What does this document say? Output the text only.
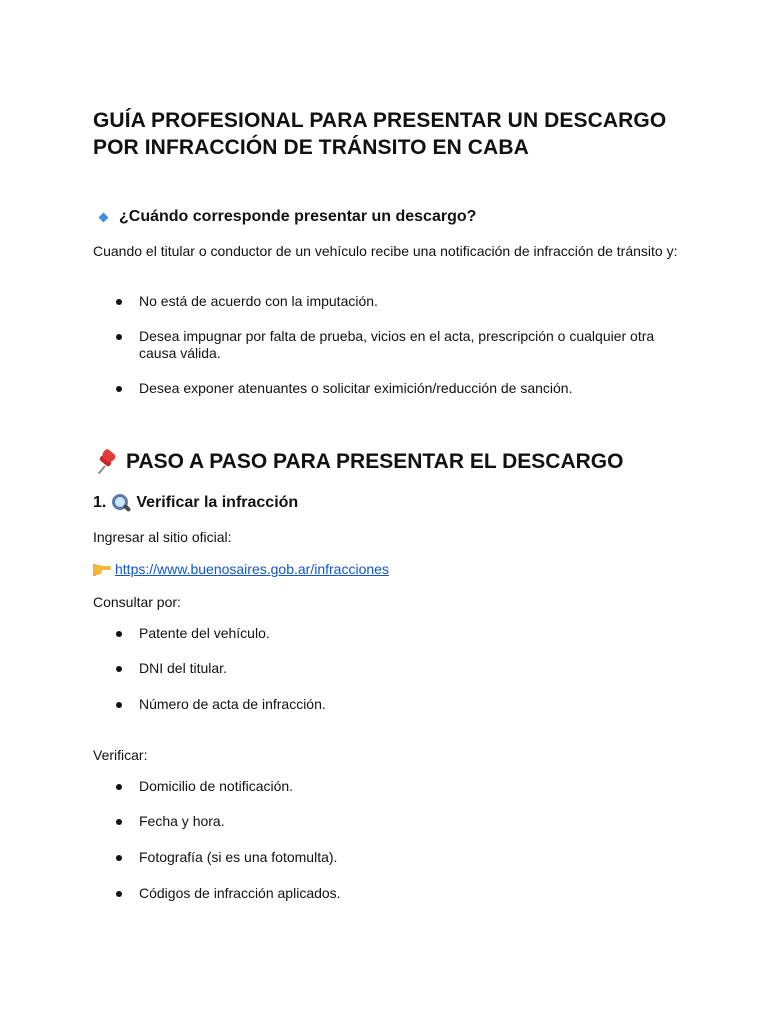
GUÍA PROFESIONAL PARA PRESENTAR UN DESCARGO POR INFRACCIÓN DE TRÁNSITO EN CABA
¿Cuándo corresponde presentar un descargo?

Cuando el titular o conductor de un vehículo recibe una notificación de infracción de tránsito y:

No está de acuerdo con la imputación.
Desea impugnar por falta de prueba, vicios en el acta, prescripción o cualquier otra causa válida.
Desea exponer atenuantes o solicitar eximición/reducción de sanción.
PASO A PASO PARA PRESENTAR EL DESCARGO
1. Verificar la infracción

Ingresar al sitio oficial:

https://www.buenosaires.gob.ar/infracciones

Consultar por:

Patente del vehículo.
DNI del titular.
Número de acta de infracción.

Verificar:

Domicilio de notificación.
Fecha y hora.
Fotografía (si es una fotomulta).
Códigos de infracción aplicados.
